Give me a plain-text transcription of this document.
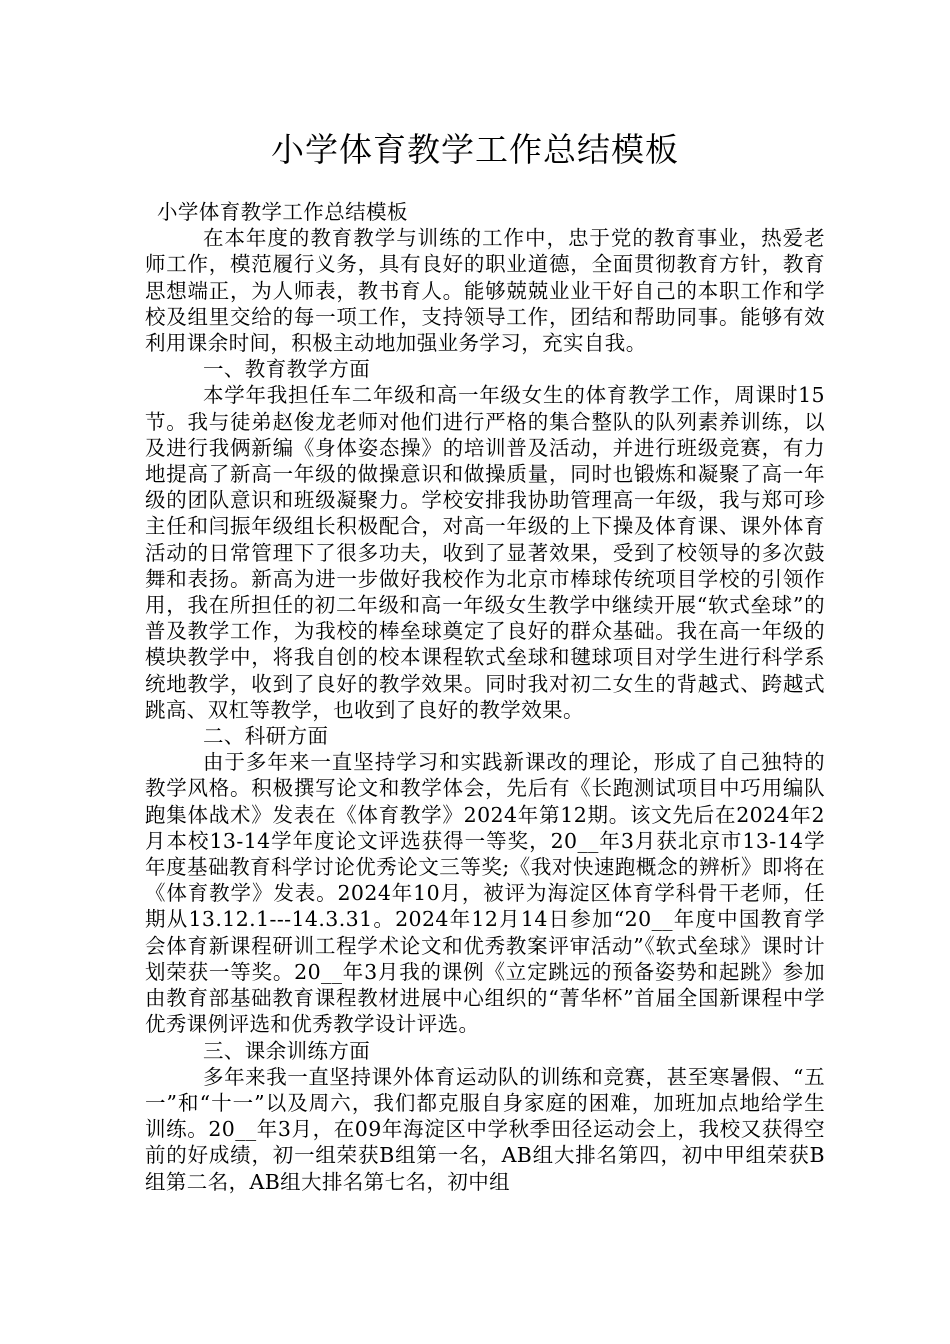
小学体育教学工作总结模板

小学体育教学工作总结模板

在本年度的教育教学与训练的工作中，忠于党的教育事业，热爱老师工作，模范履行义务，具有良好的职业道德，全面贯彻教育方针，教育思想端正，为人师表，教书育人。能够兢兢业业干好自己的本职工作和学校及组里交给的每一项工作，支持领导工作，团结和帮助同事。能够有效利用课余时间，积极主动地加强业务学习，充实自我。

一、教育教学方面

本学年我担任车二年级和高一年级女生的体育教学工作，周课时15节。我与徒弟赵俊龙老师对他们进行严格的集合整队的队列素养训练，以及进行我俩新编《身体姿态操》的培训普及活动，并进行班级竞赛，有力地提高了新高一年级的做操意识和做操质量，同时也锻炼和凝聚了高一年级的团队意识和班级凝聚力。学校安排我协助管理高一年级，我与郑可珍主任和闫振年级组长积极配合，对高一年级的上下操及体育课、课外体育活动的日常管理下了很多功夫，收到了显著效果，受到了校领导的多次鼓舞和表扬。新高为进一步做好我校作为北京市棒球传统项目学校的引领作用，我在所担任的初二年级和高一年级女生教学中继续开展“软式垒球”的普及教学工作，为我校的棒垒球奠定了良好的群众基础。我在高一年级的模块教学中，将我自创的校本课程软式垒球和毽球项目对学生进行科学系统地教学，收到了良好的教学效果。同时我对初二女生的背越式、跨越式跳高、双杠等教学，也收到了良好的教学效果。

二、科研方面

由于多年来一直坚持学习和实践新课改的理论，形成了自己独特的教学风格。积极撰写论文和教学体会，先后有《长跑测试项目中巧用编队跑集体战术》发表在《体育教学》2024年第12期。该文先后在2024年2月本校13-14学年度论文评选获得一等奖，20__年3月获北京市13-14学年度基础教育科学讨论优秀论文三等奖;《我对快速跑概念的辨析》即将在《体育教学》发表。2024年10月，被评为海淀区体育学科骨干老师，任期从13.12.1---14.3.31。2024年12月14日参加“20__年度中国教育学会体育新课程研训工程学术论文和优秀教案评审活动”《软式垒球》课时计划荣获一等奖。20__年3月我的课例《立定跳远的预备姿势和起跳》参加由教育部基础教育课程教材进展中心组织的“菁华杯”首届全国新课程中学优秀课例评选和优秀教学设计评选。

三、课余训练方面

多年来我一直坚持课外体育运动队的训练和竞赛，甚至寒暑假、“五一”和“十一”以及周六，我们都克服自身家庭的困难，加班加点地给学生训练。20__年3月，在09年海淀区中学秋季田径运动会上，我校又获得空前的好成绩，初一组荣获B组第一名，AB组大排名第四，初中甲组荣获B组第二名，AB组大排名第七名，初中组
